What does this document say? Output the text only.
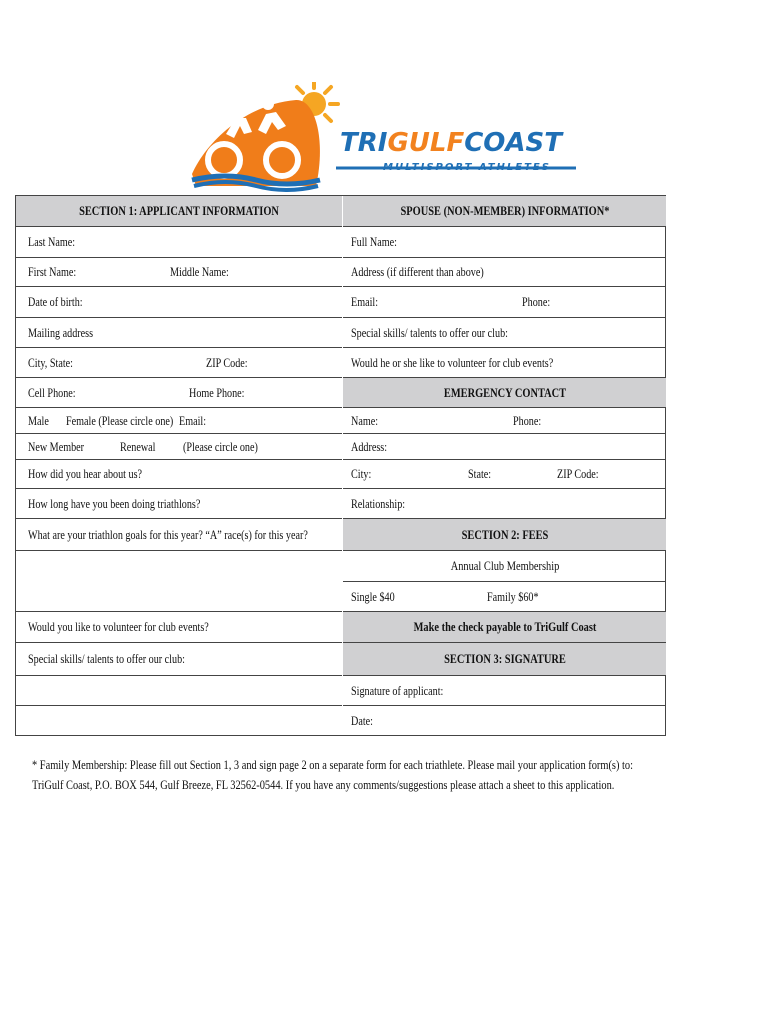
TRIGULFCOAST
MULTISPORT ATHLETES
SECTION 1: APPLICANT INFORMATION
Last Name:
First Name:	Middle Name:
Date of birth:
Mailing address
City, State:	ZIP Code:
Cell Phone:	Home Phone:
Male Female (Please circle one) Email:
New Member	Renewal (Please circle one)
How did you hear about us?
How long have you been doing triathlons?
What are your triathlon goals for this year? “A” race(s) for this year?
Would you like to volunteer for club events?
Special skills/ talents to offer our club:
SPOUSE (NON-MEMBER) INFORMATION*
Full Name:
Address (if different than above)
Email:	Phone:
Special skills/ talents to offer our club:
Would he or she like to volunteer for club events?
EMERGENCY CONTACT
Name:	Phone:
Address:
City:	State:	ZIP Code:
Relationship:
SECTION 2: FEES
Annual Club Membership
Single $40	Family $60*
Make the check payable to TriGulf Coast
SECTION 3: SIGNATURE
Signature of applicant:
Date:
* Family Membership: Please fill out Section 1, 3 and sign page 2 on a separate form for each triathlete. Please mail your application form(s) to:
TriGulf Coast, P.O. BOX 544, Gulf Breeze, FL 32562-0544. If you have any comments/suggestions please attach a sheet to this application.
